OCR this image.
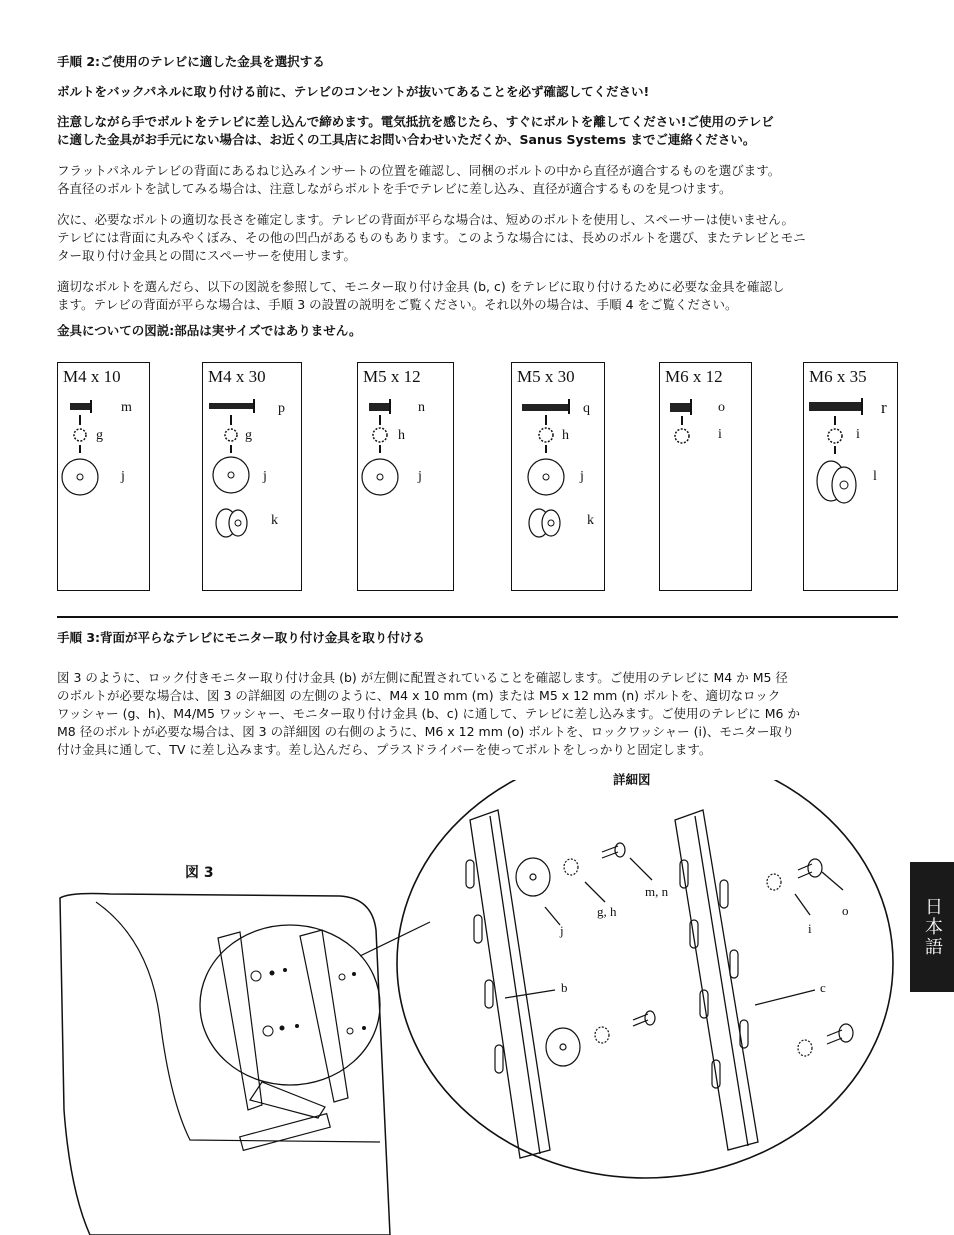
手順 2:ご使用のテレビに適した金具を選択する
ボルトをバックパネルに取り付ける前に、テレビのコンセントが抜いてあることを必ず確認してください!
注意しながら手でボルトをテレビに差し込んで締めます。電気抵抗を感じたら、すぐにボルトを離してください!ご使用のテレビ
に適した金具がお手元にない場合は、お近くの工具店にお問い合わせいただくか、Sanus Systems までご連絡ください。
フラットパネルテレビの背面にあるねじ込みインサートの位置を確認し、同梱のボルトの中から直径が適合するものを選びます。
各直径のボルトを試してみる場合は、注意しながらボルトを手でテレビに差し込み、直径が適合するものを見つけます。
次に、必要なボルトの適切な長さを確定します。テレビの背面が平らな場合は、短めのボルトを使用し、スペーサーは使いません。
テレビには背面に丸みやくぼみ、その他の凹凸があるものもあります。このような場合には、長めのボルトを選び、またテレビとモニ
ター取り付け金具との間にスペーサーを使用します。
適切なボルトを選んだら、以下の図説を参照して、モニター取り付け金具 (b, c) をテレビに取り付けるために必要な金具を確認し
ます。テレビの背面が平らな場合は、手順 3 の設置の説明をご覧ください。それ以外の場合は、手順 4 をご覧ください。
金具についての図説:部品は実サイズではありません。
M4 x 10
m
g
j
M4 x 30
p
g
j
k
M5 x 12
n
h
j
M5 x 30
q
h
j
k
M6 x 12
o
i
M6 x 35
r
i
l
手順 3:背面が平らなテレビにモニター取り付け金具を取り付ける
図 3 のように、ロック付きモニター取り付け金具 (b) が左側に配置されていることを確認します。ご使用のテレビに M4 か M5 径
のボルトが必要な場合は、図 3 の詳細図 の左側のように、M4 x 10 mm (m) または M5 x 12 mm (n) ボルトを、適切なロック
ワッシャー (g、h)、M4/M5 ワッシャー、モニター取り付け金具 (b、c) に通して、テレビに差し込みます。ご使用のテレビに M6 か
M8 径のボルトが必要な場合は、図 3 の詳細図 の右側のように、M6 x 12 mm (o) ボルトを、ロックワッシャー (i)、モニター取り
付け金具に通して、TV に差し込みます。差し込んだら、プラスドライバーを使ってボルトをしっかりと固定します。
詳細図
図 3
m, n
g, h
j	i
o
b	c
日本語
